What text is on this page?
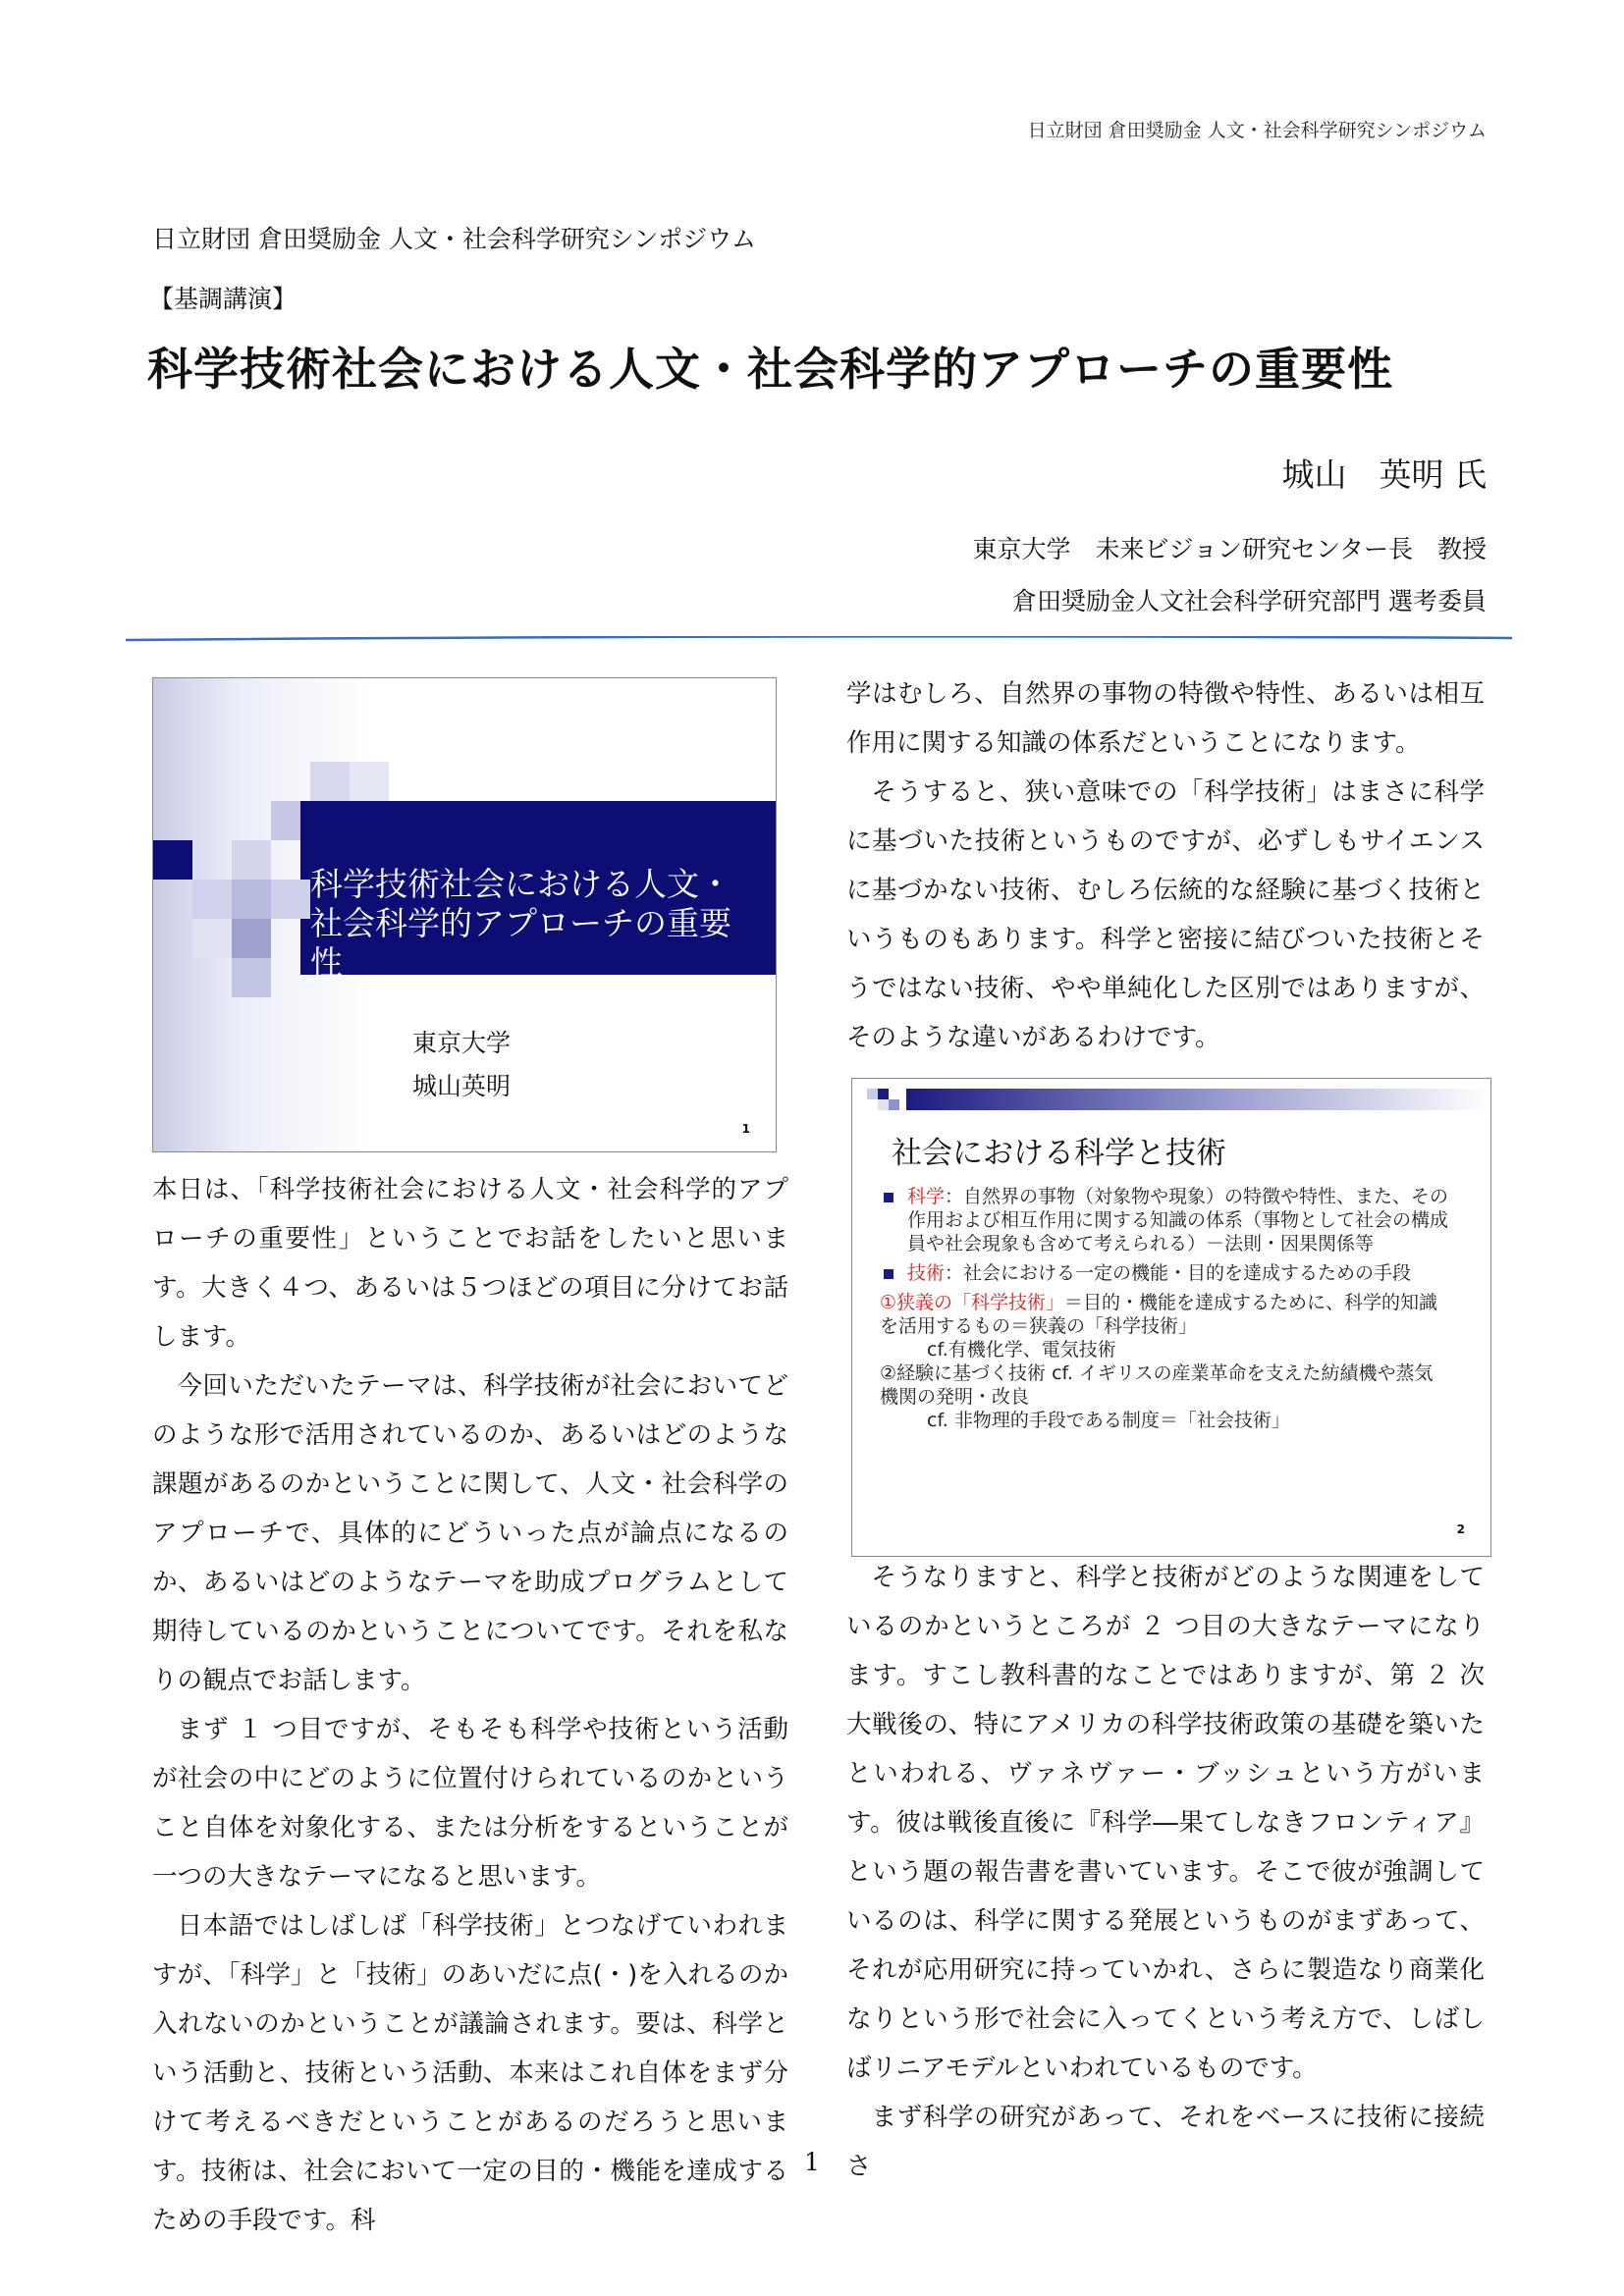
日立財団 倉田奨励金 人文・社会科学研究シンポジウム
日立財団 倉田奨励金 人文・社会科学研究シンポジウム
【基調講演】
科学技術社会における人文・社会科学的アプローチの重要性
城山　英明 氏
東京大学　未来ビジョン研究センター長　教授
倉田奨励金人文社会科学研究部門 選考委員
科学技術社会における人文・社会科学的アプローチの重要性
東京大学
城山英明
1

本日は、「科学技術社会における人文・社会科学的アプローチの重要性」ということでお話をしたいと思います。大きく４つ、あるいは５つほどの項目に分けてお話します。

今回いただいたテーマは、科学技術が社会においてどのような形で活用されているのか、あるいはどのような課題があるのかということに関して、人文・社会科学のアプローチで、具体的にどういった点が論点になるのか、あるいはどのようなテーマを助成プログラムとして期待しているのかということについてです。それを私なりの観点でお話します。

まず １ つ目ですが、そもそも科学や技術という活動が社会の中にどのように位置付けられているのかということ自体を対象化する、または分析をするということが一つの大きなテーマになると思います。

日本語ではしばしば「科学技術」とつなげていわれますが、「科学」と「技術」のあいだに点(・)を入れるのか入れないのかということが議論されます。要は、科学という活動と、技術という活動、本来はこれ自体をまず分けて考えるべきだということがあるのだろうと思います。技術は、社会において一定の目的・機能を達成するための手段です。科

学はむしろ、自然界の事物の特徴や特性、あるいは相互作用に関する知識の体系だということになります。

そうすると、狭い意味での「科学技術」はまさに科学に基づいた技術というものですが、必ずしもサイエンスに基づかない技術、むしろ伝統的な経験に基づく技術というものもあります。科学と密接に結びついた技術とそうではない技術、やや単純化した区別ではありますが、そのような違いがあるわけです。

社会における科学と技術
科学：自然界の事物（対象物や現象）の特徴や特性、また、その作用および相互作用に関する知識の体系（事物として社会の構成員や社会現象も含めて考えられる）－法則・因果関係等
技術：社会における一定の機能・目的を達成するための手段

①狭義の「科学技術」＝目的・機能を達成するために、科学的知識を活用するもの＝狭義の「科学技術」

cf.有機化学、電気技術

②経験に基づく技術 cf. イギリスの産業革命を支えた紡績機や蒸気機関の発明・改良

cf. 非物理的手段である制度＝「社会技術」

2

そうなりますと、科学と技術がどのような関連をしているのかというところが ２ つ目の大きなテーマになります。すこし教科書的なことではありますが、第 ２ 次大戦後の、特にアメリカの科学技術政策の基礎を築いたといわれる、ヴァネヴァー・ブッシュという方がいます。彼は戦後直後に『科学―果てしなきフロンティア』という題の報告書を書いています。そこで彼が強調しているのは、科学に関する発展というものがまずあって、それが応用研究に持っていかれ、さらに製造なり商業化なりという形で社会に入ってくという考え方で、しばしばリニアモデルといわれているものです。

まず科学の研究があって、それをベースに技術に接続さ

1
